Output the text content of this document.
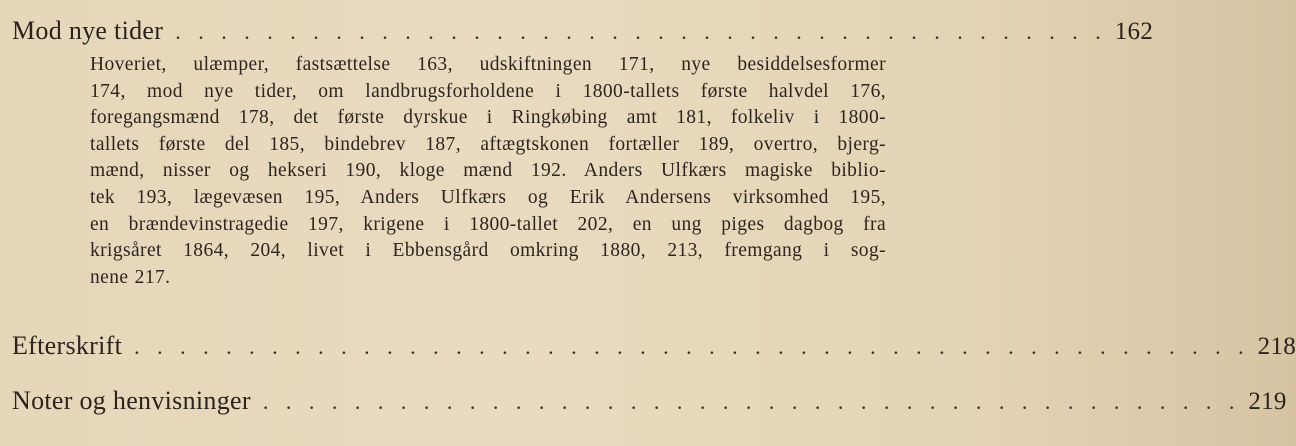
Mod nye tider . . . . . . . . . . . . . . . . . . . . . . . . . . . . . . . . . . . . . . . . . 162
Hoveriet, ulæmper, fastsættelse 163, udskiftningen 171, nye besiddelsesformer
174, mod nye tider, om landbrugsforholdene i 1800-tallets første halvdel 176,
foregangsmænd 178, det første dyrskue i Ringkøbing amt 181, folkeliv i 1800-
tallets første del 185, bindebrev 187, aftægtskonen fortæller 189, overtro, bjerg-
mænd, nisser og hekseri 190, kloge mænd 192. Anders Ulfkærs magiske biblio-
tek 193, lægevæsen 195, Anders Ulfkærs og Erik Andersens virksomhed 195,
en brændevinstragedie 197, krigene i 1800-tallet 202, en ung piges dagbog fra
krigsåret 1864, 204, livet i Ebbensgård omkring 1880, 213, fremgang i sog-
nene 217.
Efterskrift . . . . . . . . . . . . . . . . . . . . . . . . . . . . . . . . . . . . . . . . . . . . . . . . . 218
Noter og henvisninger . . . . . . . . . . . . . . . . . . . . . . . . . . . . . . . . . . . . . . . . . . . 219
